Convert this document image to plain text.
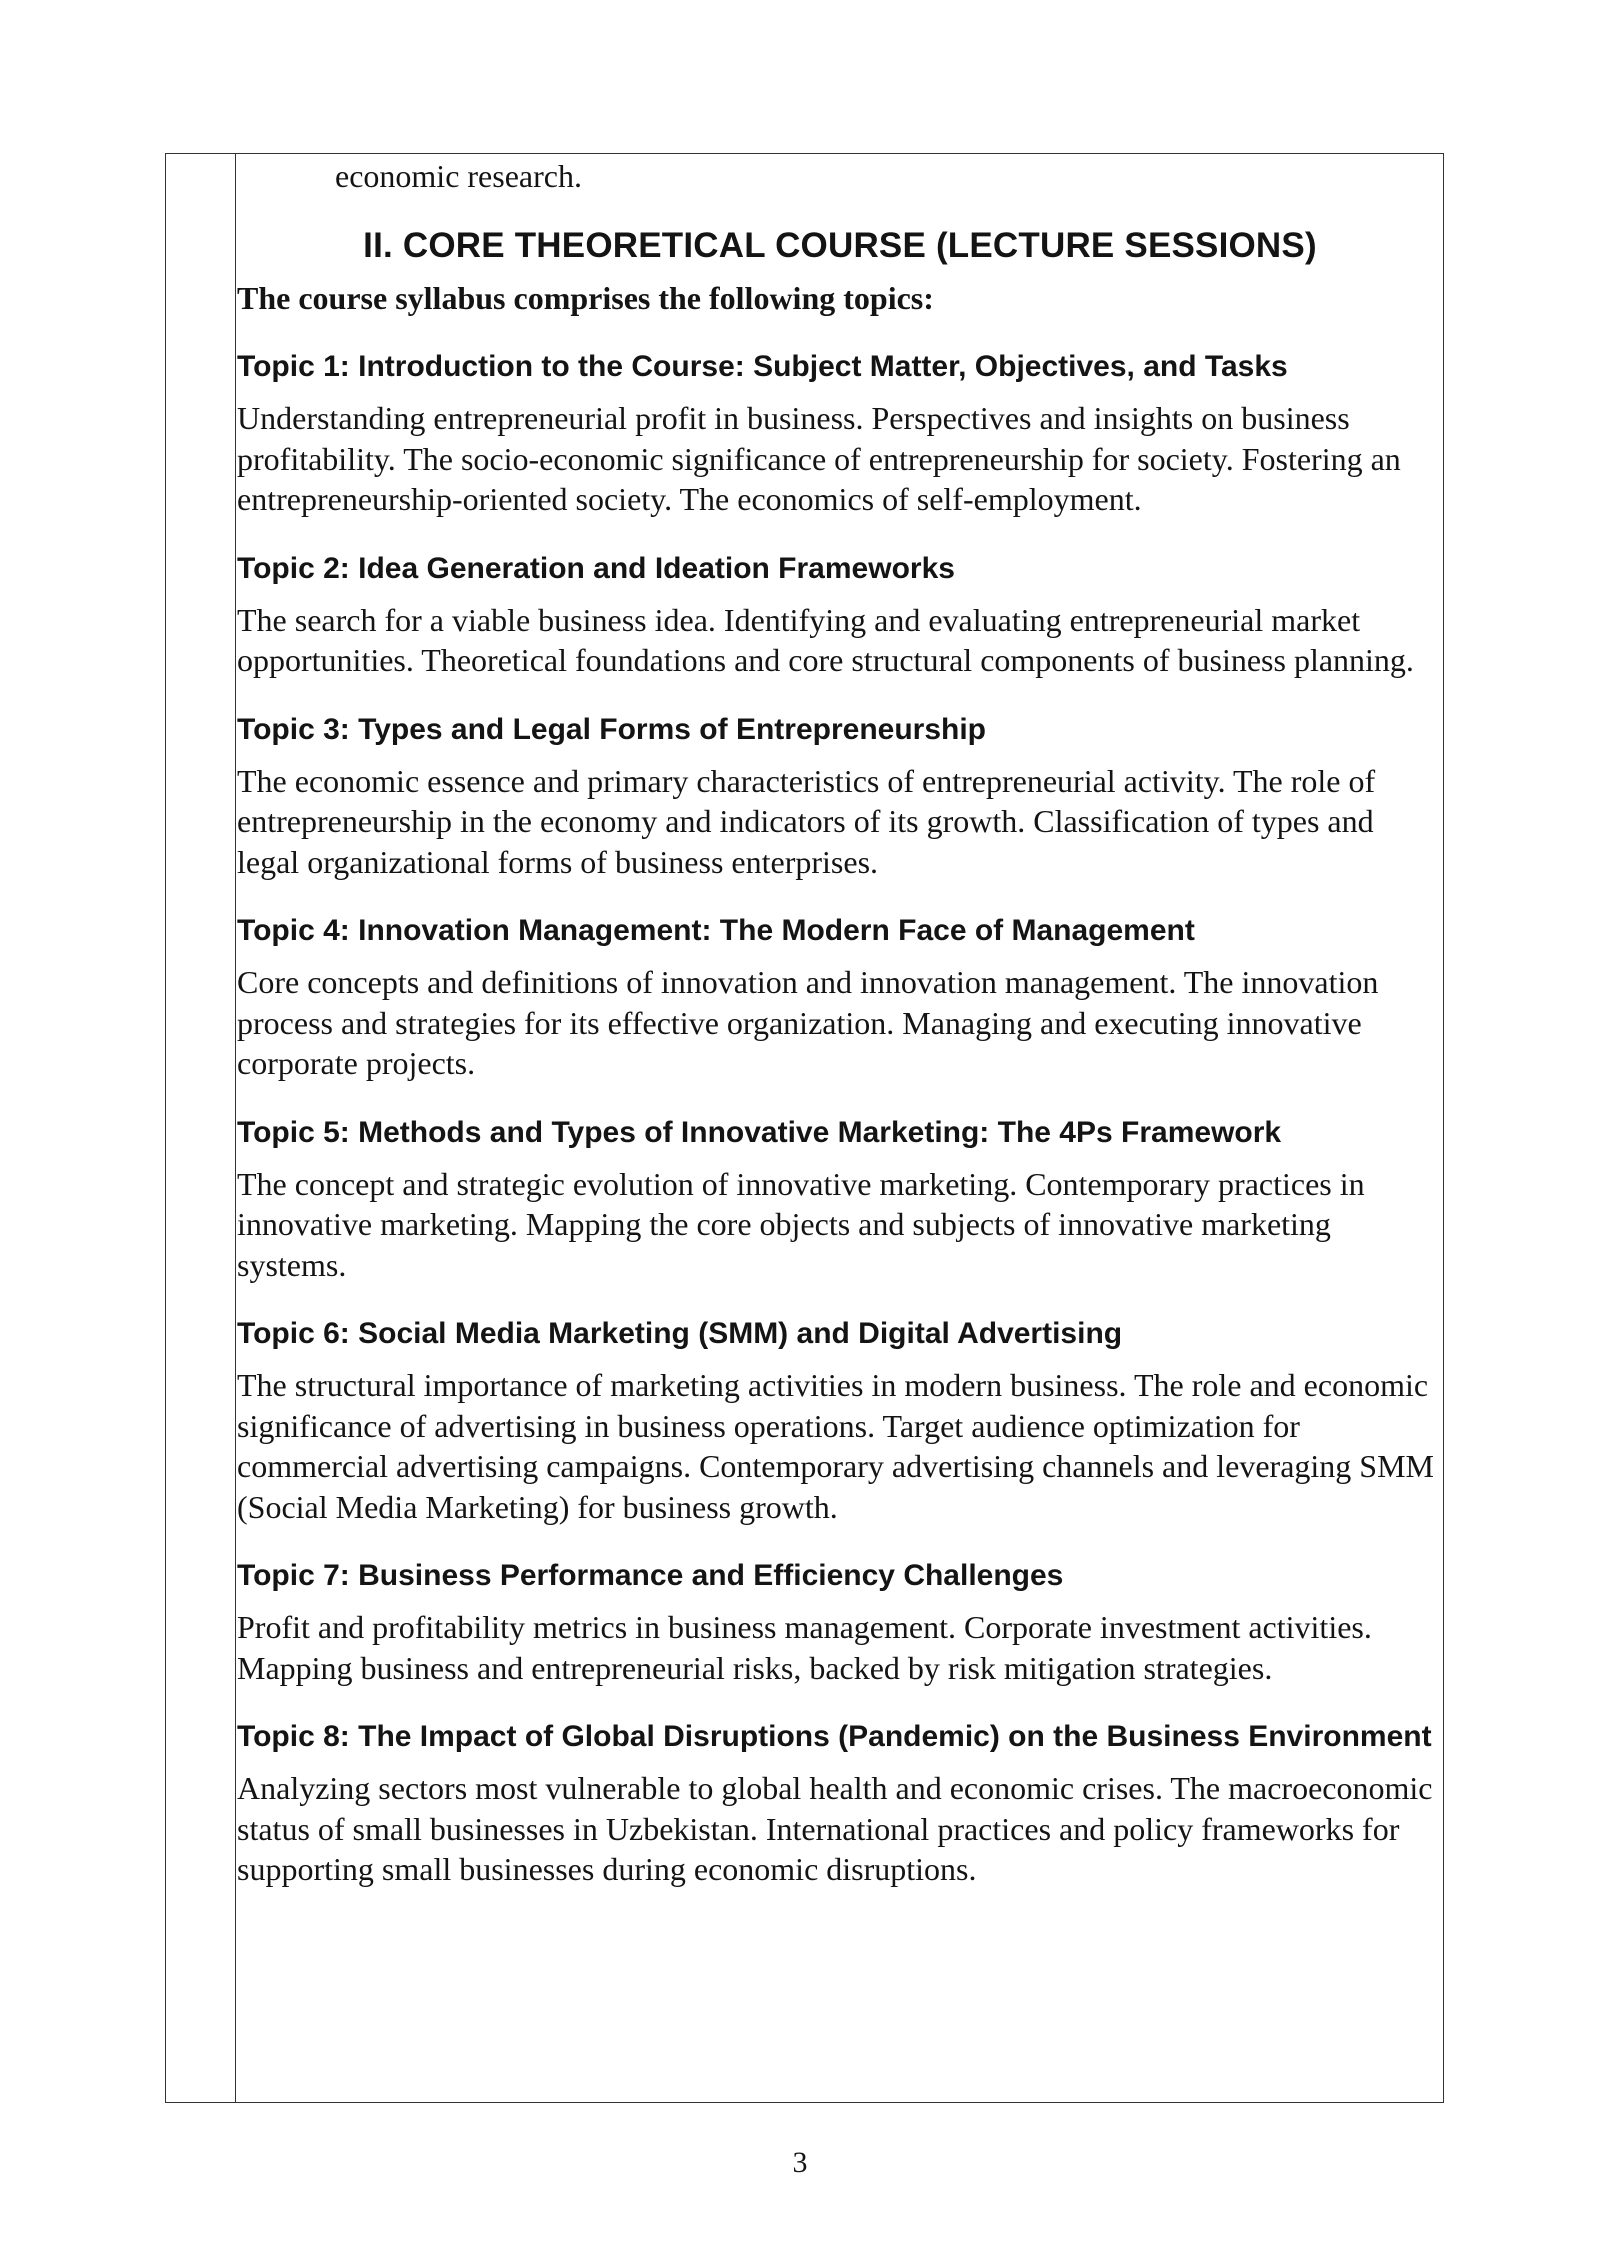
economic research.

II. CORE THEORETICAL COURSE (LECTURE SESSIONS)

The course syllabus comprises the following topics:

Topic 1: Introduction to the Course: Subject Matter, Objectives, and Tasks

Understanding entrepreneurial profit in business. Perspectives and insights on business profitability. The socio-economic significance of entrepreneurship for society. Fostering an entrepreneurship-oriented society. The economics of self-employment.

Topic 2: Idea Generation and Ideation Frameworks

The search for a viable business idea. Identifying and evaluating entrepreneurial market opportunities. Theoretical foundations and core structural components of business planning.

Topic 3: Types and Legal Forms of Entrepreneurship

The economic essence and primary characteristics of entrepreneurial activity. The role of entrepreneurship in the economy and indicators of its growth. Classification of types and legal organizational forms of business enterprises.

Topic 4: Innovation Management: The Modern Face of Management

Core concepts and definitions of innovation and innovation management. The innovation process and strategies for its effective organization. Managing and executing innovative corporate projects.

Topic 5: Methods and Types of Innovative Marketing: The 4Ps Framework

The concept and strategic evolution of innovative marketing. Contemporary practices in innovative marketing. Mapping the core objects and subjects of innovative marketing systems.

Topic 6: Social Media Marketing (SMM) and Digital Advertising

The structural importance of marketing activities in modern business. The role and economic significance of advertising in business operations. Target audience optimization for commercial advertising campaigns. Contemporary advertising channels and leveraging SMM (Social Media Marketing) for business growth.

Topic 7: Business Performance and Efficiency Challenges

Profit and profitability metrics in business management. Corporate investment activities. Mapping business and entrepreneurial risks, backed by risk mitigation strategies.

Topic 8: The Impact of Global Disruptions (Pandemic) on the Business Environment

Analyzing sectors most vulnerable to global health and economic crises. The macroeconomic status of small businesses in Uzbekistan. International practices and policy frameworks for supporting small businesses during economic disruptions.

3
